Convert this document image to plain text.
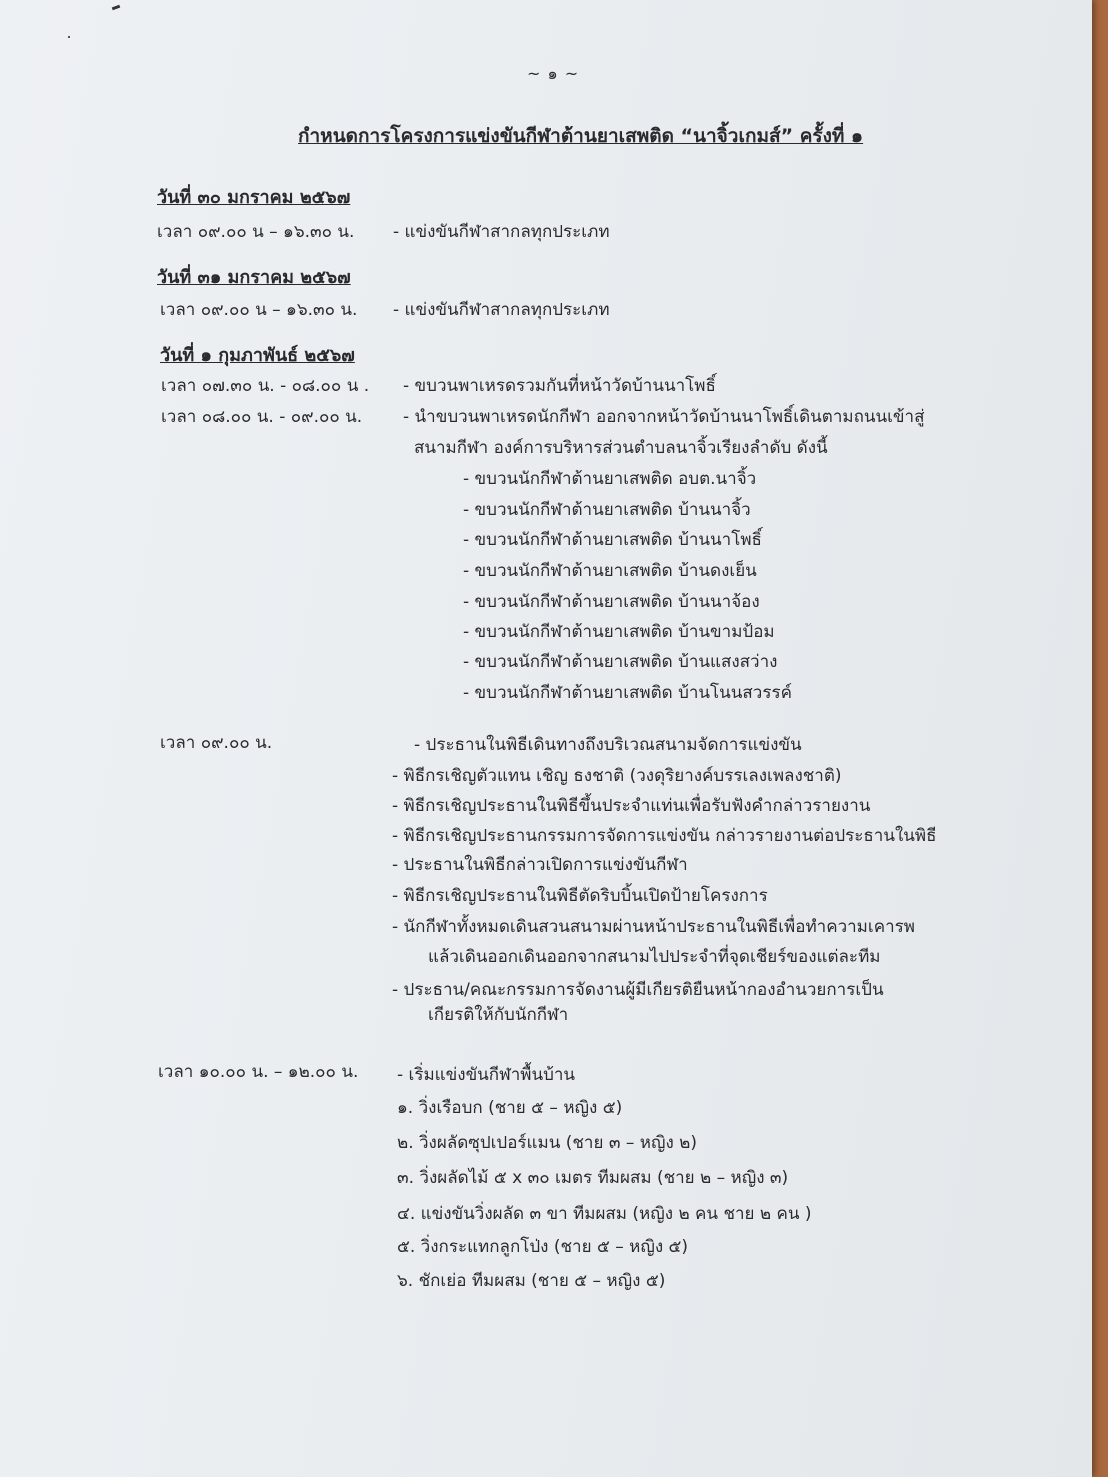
~ ๑ ~
กำหนดการโครงการแข่งขันกีฬาต้านยาเสพติด “นาจิ้วเกมส์” ครั้งที่ ๑
วันที่ ๓๐ มกราคม ๒๕๖๗
เวลา ๐๙.๐๐ น – ๑๖.๓๐ น. - แข่งขันกีฬาสากลทุกประเภท
วันที่ ๓๑ มกราคม ๒๕๖๗
เวลา ๐๙.๐๐ น – ๑๖.๓๐ น. - แข่งขันกีฬาสากลทุกประเภท
วันที่ ๑ กุมภาพันธ์ ๒๕๖๗
เวลา ๐๗.๓๐ น. - ๐๘.๐๐ น . - ขบวนพาเหรดรวมกันที่หน้าวัดบ้านนาโพธิ์
เวลา ๐๘.๐๐ น. - ๐๙.๐๐ น. - นำขบวนพาเหรดนักกีฬา ออกจากหน้าวัดบ้านนาโพธิ์เดินตามถนนเข้าสู่
สนามกีฬา องค์การบริหารส่วนตำบลนาจิ้วเรียงลำดับ ดังนี้
- ขบวนนักกีฬาต้านยาเสพติด อบต.นาจิ้ว
- ขบวนนักกีฬาต้านยาเสพติด บ้านนาจิ้ว
- ขบวนนักกีฬาต้านยาเสพติด บ้านนาโพธิ์
- ขบวนนักกีฬาต้านยาเสพติด บ้านดงเย็น
- ขบวนนักกีฬาต้านยาเสพติด บ้านนาจ้อง
- ขบวนนักกีฬาต้านยาเสพติด บ้านขามป้อม
- ขบวนนักกีฬาต้านยาเสพติด บ้านแสงสว่าง
- ขบวนนักกีฬาต้านยาเสพติด บ้านโนนสวรรค์
เวลา ๐๙.๐๐ น.	- ประธานในพิธีเดินทางถึงบริเวณสนามจัดการแข่งขัน
- พิธีกรเชิญตัวแทน เชิญ ธงชาติ (วงดุริยางค์บรรเลงเพลงชาติ)
- พิธีกรเชิญประธานในพิธีขึ้นประจำแท่นเพื่อรับฟังคำกล่าวรายงาน
- พิธีกรเชิญประธานกรรมการจัดการแข่งขัน กล่าวรายงานต่อประธานในพิธี
- ประธานในพิธีกล่าวเปิดการแข่งขันกีฬา
- พิธีกรเชิญประธานในพิธีตัดริบบิ้นเปิดป้ายโครงการ
- นักกีฬาทั้งหมดเดินสวนสนามผ่านหน้าประธานในพิธีเพื่อทำความเคารพ
แล้วเดินออกเดินออกจากสนามไปประจำที่จุดเชียร์ของแต่ละทีม
- ประธาน/คณะกรรมการจัดงานผู้มีเกียรติยืนหน้ากองอำนวยการเป็น
เกียรติให้กับนักกีฬา
เวลา ๑๐.๐๐ น. – ๑๒.๐๐ น. - เริ่มแข่งขันกีฬาพื้นบ้าน
๑. วิ่งเรือบก (ชาย ๕ – หญิง ๕)
๒. วิ่งผลัดซุปเปอร์แมน (ชาย ๓ – หญิง ๒)
๓. วิ่งผลัดไม้ ๕ x ๓๐ เมตร ทีมผสม (ชาย ๒ – หญิง ๓)
๔. แข่งขันวิ่งผลัด ๓ ขา ทีมผสม (หญิง ๒ คน ชาย ๒ คน )
๕. วิ่งกระแทกลูกโป่ง (ชาย ๕ – หญิง ๕)
๖. ชักเย่อ ทีมผสม (ชาย ๕ – หญิง ๕)
